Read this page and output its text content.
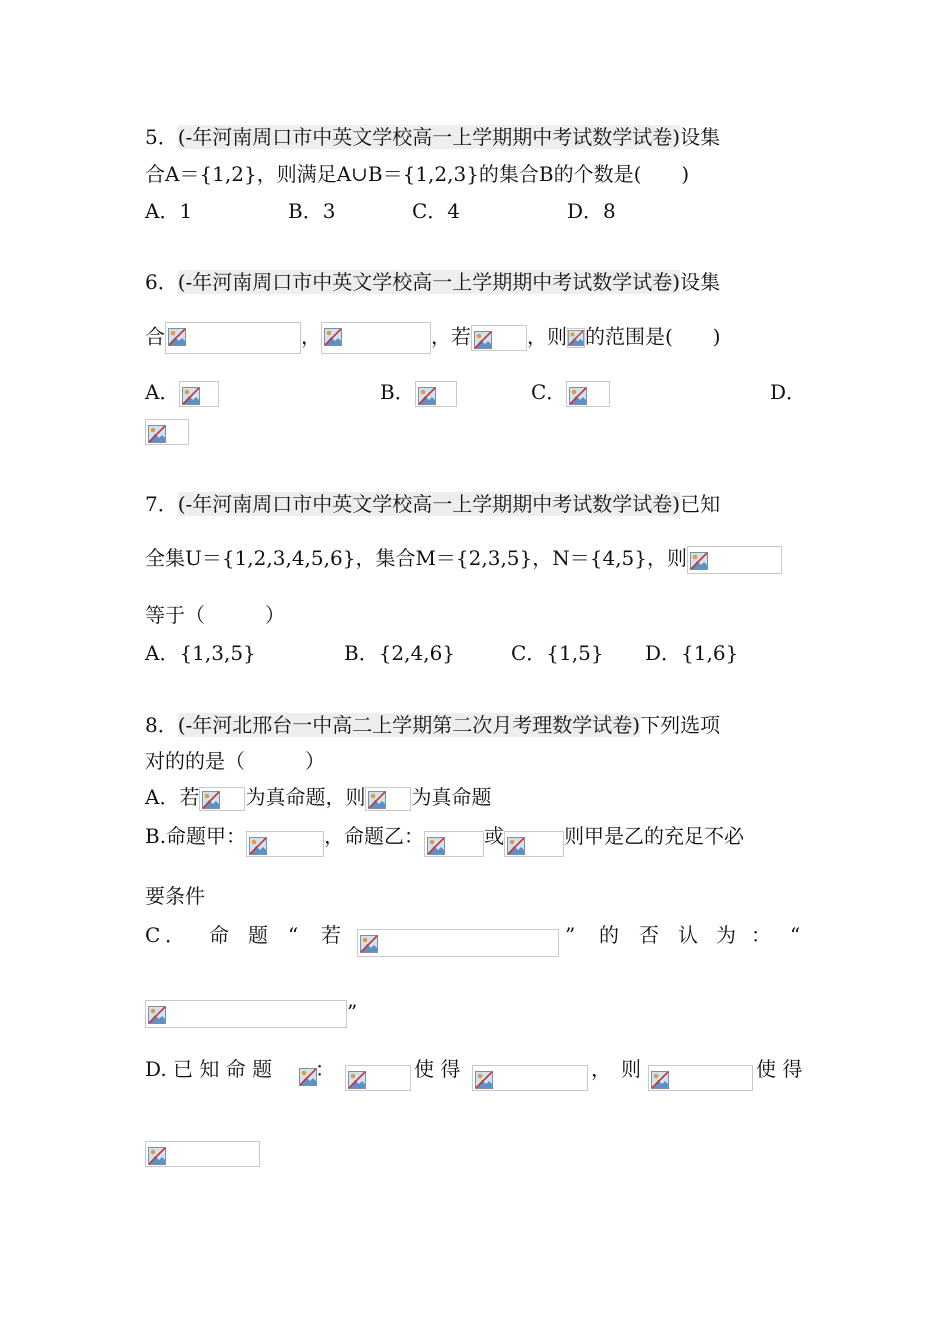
5．(-年河南周口市中英文学校高一上学期期中考试数学试卷)设集
合A＝{1,2}，则满足A∪B＝{1,2,3}的集合B的个数是(　　)
A．1	B．3	C．4	D．8
6．(-年河南周口市中英文学校高一上学期期中考试数学试卷)设集
合	，	，若	，则 的范围是(　　)
A．	B．	C．	D．
7．(-年河南周口市中英文学校高一上学期期中考试数学试卷)已知
全集U＝{1,2,3,4,5,6}，集合M＝{2,3,5}，N＝{4,5}，则
等于（　　　）
A．{1,3,5}	B．{2,4,6}	C．{1,5} D．{1,6}
8．(-年河北邢台一中高二上学期第二次月考理数学试卷)下列选项
对的的是（　　　）
A．若 为真命题，则 为真命题
B.命题甲：	，命题乙：	或	则甲是乙的充足不必
要条件
C ． 命 题 “ 若	” 的 否 认 为 ： “
”
D. 已 知 命 题 ：	使 得	，　则	使 得
